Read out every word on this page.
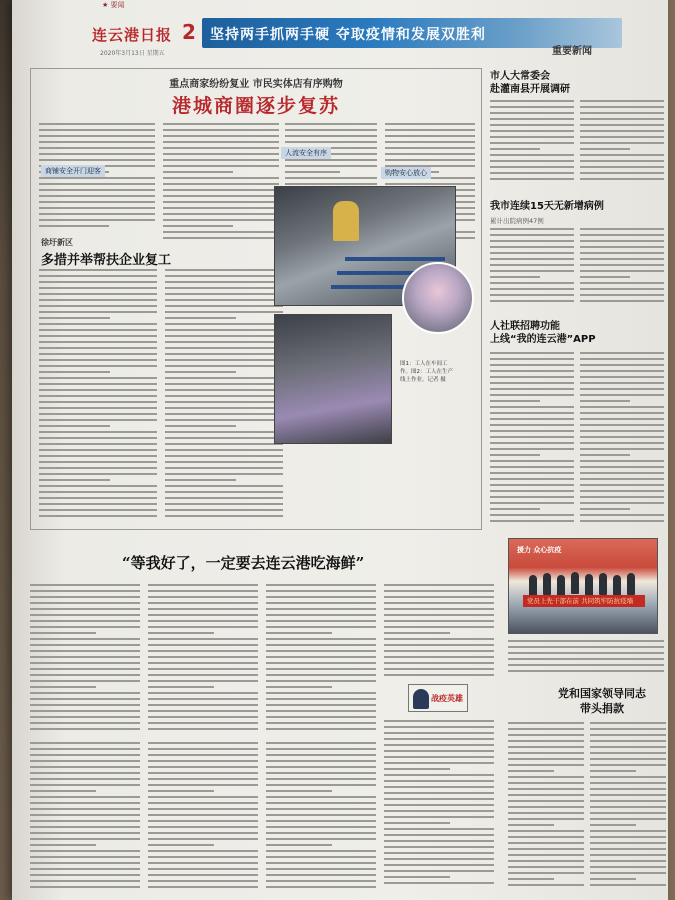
★ 要闻
连云港日报 2 坚持两手抓两手硬 夺取疫情和发展双胜利
重要新闻
2020年3月13日 星期五
重点商家纷纷复业 市民实体店有序购物
港城商圈逐步复苏
商铺安全开门迎客
人流安全有序
购物安心放心
徐圩新区
多措并举帮扶企业复工
图1：工人在车间工作。图2：工人在生产线上作业。记者 摄
“等我好了，一定要去连云港吃海鲜”
战疫英雄
市人大常委会
赴灌南县开展调研
我市连续15天无新增病例
累计出院病例47例
人社联招聘功能
上线“我的连云港”APP
援力 众心抗疫
党员上先干部在前 共同筑牢防抗疫墙
党和国家领导同志
带头捐款
